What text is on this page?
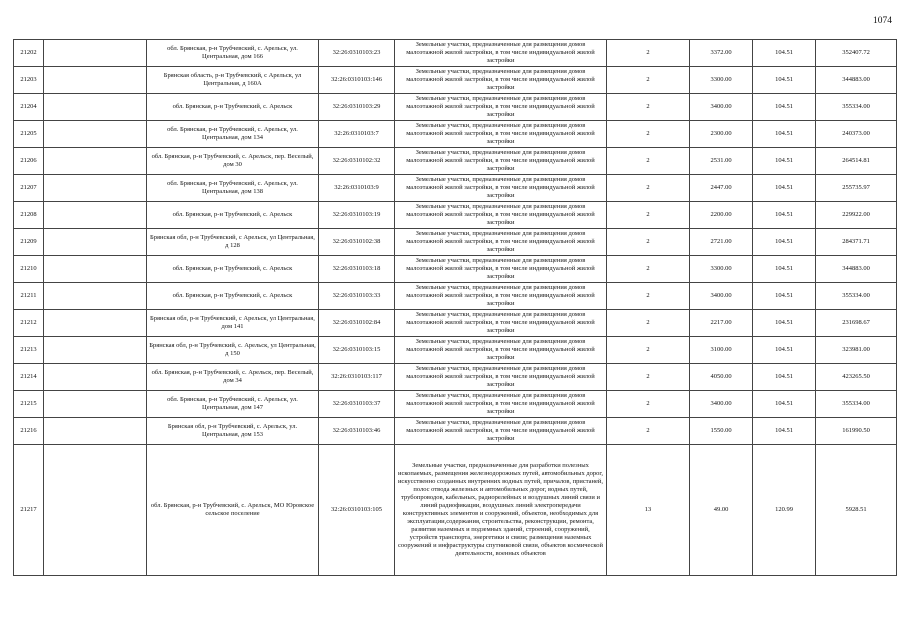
1074
21202		обл. Брянская, р-н Трубчевский, с. Арельск, ул. Центральная, дом 166	32:26:0310103:23	Земельные участки, предназначенные для размещения домов малоэтажной жилой застройки, в том числе индивидуальной жилой застройки	2	3372.00	104.51	352407.72
21203		Брянская область, р-н Трубчевский, с Арельск, ул Центральная, д 160А	32:26:0310103:146	Земельные участки, предназначенные для размещения домов малоэтажной жилой застройки, в том числе индивидуальной жилой застройки	2	3300.00	104.51	344883.00
21204		обл. Брянская, р-н Трубчевский, с. Арельск	32:26:0310103:29	Земельные участки, предназначенные для размещения домов малоэтажной жилой застройки, в том числе индивидуальной жилой застройки	2	3400.00	104.51	355334.00
21205		обл. Брянская, р-н Трубчевский, с. Арельск, ул. Центральная, дом 134	32:26:0310103:7	Земельные участки, предназначенные для размещения домов малоэтажной жилой застройки, в том числе индивидуальной жилой застройки	2	2300.00	104.51	240373.00
21206		обл. Брянская, р-н Трубчевский, с. Арельск, пер. Веселый, дом 30	32:26:0310102:32	Земельные участки, предназначенные для размещения домов малоэтажной жилой застройки, в том числе индивидуальной жилой застройки	2	2531.00	104.51	264514.81
21207		обл. Брянская, р-н Трубчевский, с. Арельск, ул. Центральная, дом 138	32:26:0310103:9	Земельные участки, предназначенные для размещения домов малоэтажной жилой застройки, в том числе индивидуальной жилой застройки	2	2447.00	104.51	255735.97
21208		обл. Брянская, р-н Трубчевский, с. Арельск	32:26:0310103:19	Земельные участки, предназначенные для размещения домов малоэтажной жилой застройки, в том числе индивидуальной жилой застройки	2	2200.00	104.51	229922.00
21209		Брянская обл, р-н Трубчевский, с Арельск, ул Центральная, д 128	32:26:0310102:38	Земельные участки, предназначенные для размещения домов малоэтажной жилой застройки, в том числе индивидуальной жилой застройки	2	2721.00	104.51	284371.71
21210		обл. Брянская, р-н Трубчевский, с. Арельск	32:26:0310103:18	Земельные участки, предназначенные для размещения домов малоэтажной жилой застройки, в том числе индивидуальной жилой застройки	2	3300.00	104.51	344883.00
21211		обл. Брянская, р-н Трубчевский, с. Арельск	32:26:0310103:33	Земельные участки, предназначенные для размещения домов малоэтажной жилой застройки, в том числе индивидуальной жилой застройки	2	3400.00	104.51	355334.00
21212		Брянская обл, р-н Трубчевский, с Арельск, ул Центральная, дом 141	32:26:0310102:84	Земельные участки, предназначенные для размещения домов малоэтажной жилой застройки, в том числе индивидуальной жилой застройки	2	2217.00	104.51	231698.67
21213		Брянская обл, р-н Трубчевский, с. Арельск, ул Центральная, д 150	32:26:0310103:15	Земельные участки, предназначенные для размещения домов малоэтажной жилой застройки, в том числе индивидуальной жилой застройки	2	3100.00	104.51	323981.00
21214		обл. Брянская, р-н Трубчевский, с. Арельск, пер. Веселый, дом 34	32:26:0310103:117	Земельные участки, предназначенные для размещения домов малоэтажной жилой застройки, в том числе индивидуальной жилой застройки	2	4050.00	104.51	423265.50
21215		обл. Брянская, р-н Трубчевский, с. Арельск, ул. Центральная, дом 147	32:26:0310103:37	Земельные участки, предназначенные для размещения домов малоэтажной жилой застройки, в том числе индивидуальной жилой застройки	2	3400.00	104.51	355334.00
21216		Брянская обл, р-н Трубчевский, с. Арельск, ул. Центральная, дом 153	32:26:0310103:46	Земельные участки, предназначенные для размещения домов малоэтажной жилой застройки, в том числе индивидуальной жилой застройки	2	1550.00	104.51	161990.50
21217		обл. Брянская, р-н Трубчевский, с. Арельск, МО Юровское сельское поселение	32:26:0310103:105	Земельные участки, предназначенные для разработки полезных ископаемых, размещения железнодорожных путей, автомобильных дорог, искусственно созданных внутренних водных путей, причалов, пристаней, полос отвода железных и автомобильных дорог, водных путей, трубопроводов, кабельных, радиорелейных и воздушных линий связи и линий радиофикации, воздушных линий электропередачи конструктивных элементов и сооружений, объектов, необходимых для эксплуатации,содержания, строительства, реконструкции, ремонта, развития наземных и подземных зданий, строений, сооружений, устройств транспорта, энергетики и связи; размещения наземных сооружений и инфраструктуры спутниковой связи, объектов космической деятельности, военных объектов	13	49.00	120.99	5928.51
